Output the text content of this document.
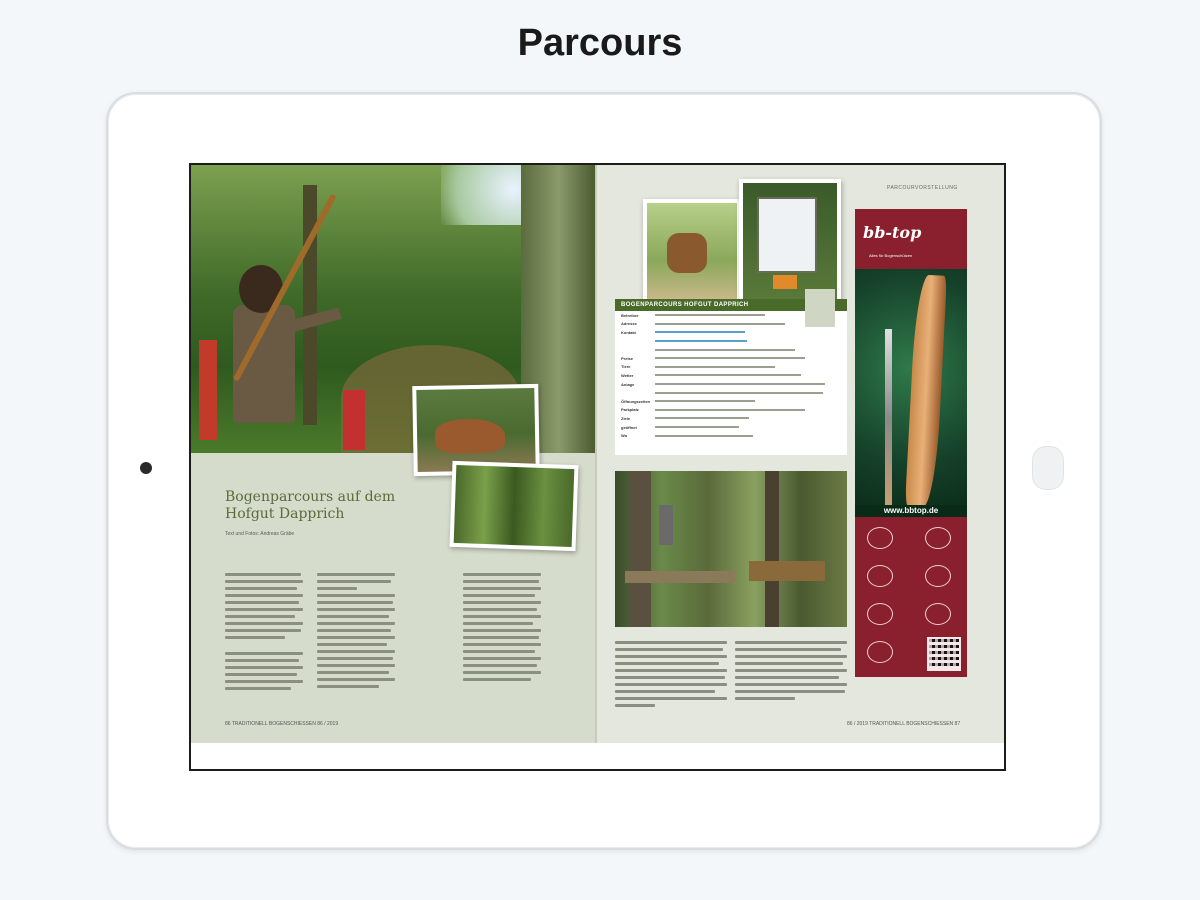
Parcours
Bogenparcours auf dem
Hofgut Dapprich
Text und Fotos: Andreas Gräbe
86 TRADITIONELL BOGENSCHIESSEN 86 / 2019
PARCOURVORSTELLUNG
BOGENPARCOURS HOFGUT DAPPRICH
Betreiber
Adresse
Kontakt
Preise
Tiere
Wetter
Anlage
Öffnungszeiten
Parkplatz
Ziele
geöffnet
Wo
86 / 2019 TRADITIONELL BOGENSCHIESSEN 87
bb-top
Alles für Bogenschützen
www.bbtop.de
